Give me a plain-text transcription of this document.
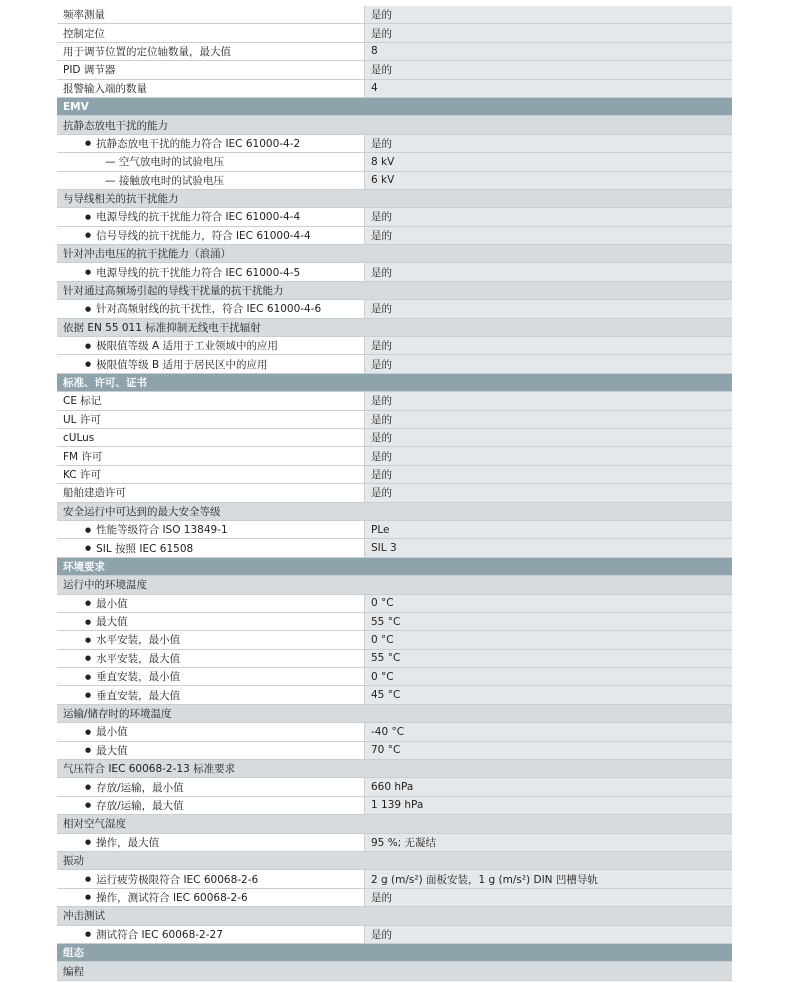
频率测量	是的
控制定位	是的
用于调节位置的定位轴数量，最大值	8
PID 调节器	是的
报警输入端的数量	4
EMV
抗静态放电干扰的能力
● 抗静态放电干扰的能力符合 IEC 61000-4-2	是的
— 空气放电时的试验电压	8 kV
— 接触放电时的试验电压	6 kV
与导线相关的抗干扰能力
● 电源导线的抗干扰能力符合 IEC 61000-4-4	是的
● 信号导线的抗干扰能力，符合 IEC 61000-4-4	是的
针对冲击电压的抗干扰能力（浪涌）
● 电源导线的抗干扰能力符合 IEC 61000-4-5	是的
针对通过高频场引起的导线干扰量的抗干扰能力
● 针对高频射线的抗干扰性，符合 IEC 61000-4-6	是的
依据 EN 55 011 标准抑制无线电干扰辐射
● 极限值等级 A 适用于工业领域中的应用	是的
● 极限值等级 B 适用于居民区中的应用	是的
标准、许可、证书
CE 标记	是的
UL 许可	是的
cULus	是的
FM 许可	是的
KC 许可	是的
船舶建造许可	是的
安全运行中可达到的最大安全等级
● 性能等级符合 ISO 13849-1	PLe
● SIL 按照 IEC 61508	SIL 3
环境要求
运行中的环境温度
● 最小值	0 °C
● 最大值	55 °C
● 水平安装，最小值	0 °C
● 水平安装，最大值	55 °C
● 垂直安装，最小值	0 °C
● 垂直安装，最大值	45 °C
运输/储存时的环境温度
● 最小值	-40 °C
● 最大值	70 °C
气压符合 IEC 60068-2-13 标准要求
● 存放/运输，最小值	660 hPa
● 存放/运输，最大值	1 139 hPa
相对空气湿度
● 操作，最大值	95 %; 无凝结
振动
● 运行疲劳极限符合 IEC 60068-2-6	2 g (m/s²) 面板安装，1 g (m/s²) DIN 凹槽导轨
● 操作，测试符合 IEC 60068-2-6	是的
冲击测试
● 测试符合 IEC 60068-2-27	是的
组态
编程
